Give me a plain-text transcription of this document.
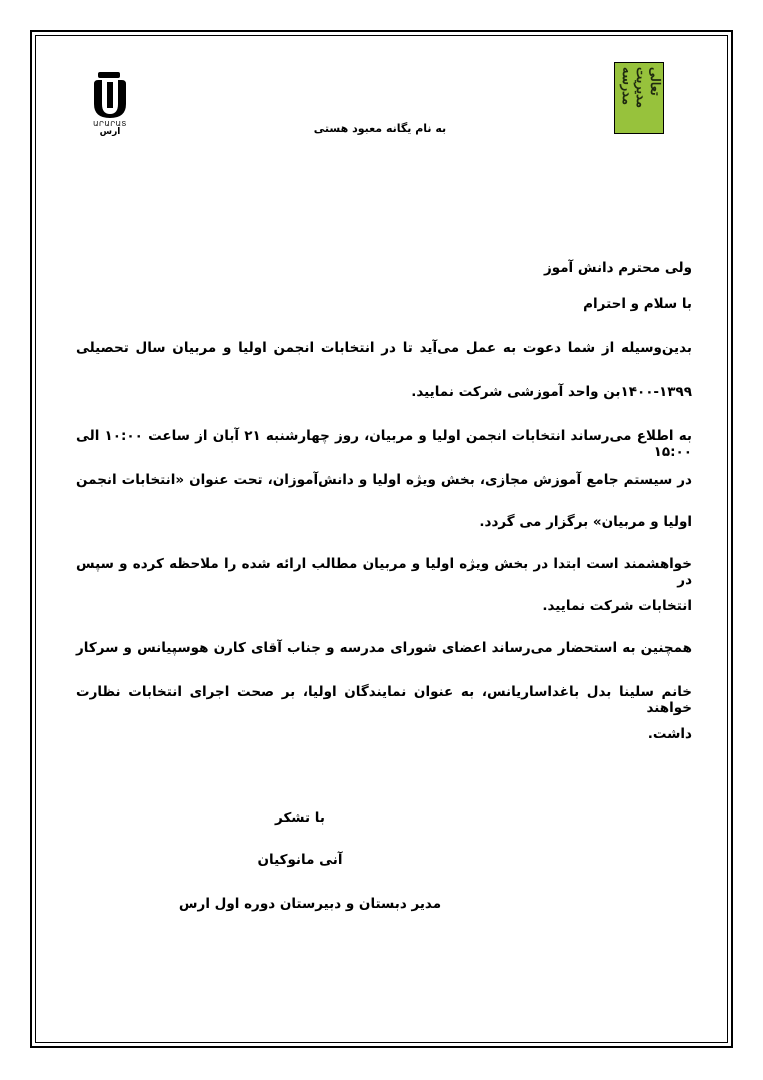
ԱՐԱՐԱՏ
ارس
تعالی مدیریت مدرسه
به نام یگانه معبود هستی
ولی محترم دانش آموز
با سلام و احترام
بدین‌وسیله از شما دعوت به عمل می‌آید تا در انتخابات انجمن اولیا و مربیان سال تحصیلی
۱۴۰۰-۱۳۹۹بن واحد آموزشی شرکت نمایید.
به اطلاع می‌رساند انتخابات انجمن اولیا و مربیان، روز چهارشنبه ۲۱ آبان از ساعت ۱۰:۰۰ الی ۱۵:۰۰
در سیستم جامع آموزش مجازی، بخش ویژه اولیا و دانش‌آموزان، تحت عنوان «انتخابات انجمن
اولیا و مربیان» برگزار می گردد.
خواهشمند است ابتدا در بخش ویژه اولیا و مربیان مطالب ارائه شده را ملاحظه کرده و سپس در
انتخابات شرکت نمایید.
همچنین به استحضار می‌رساند اعضای شورای مدرسه و جناب آقای کارن هوسپیانس و سرکار
خانم سلینا بدل باغداساریانس، به عنوان نمایندگان اولیا، بر صحت اجرای انتخابات نظارت خواهند
داشت.
با تشکر
آنی مانوکیان
مدیر دبستان و دبیرستان دوره اول ارس
